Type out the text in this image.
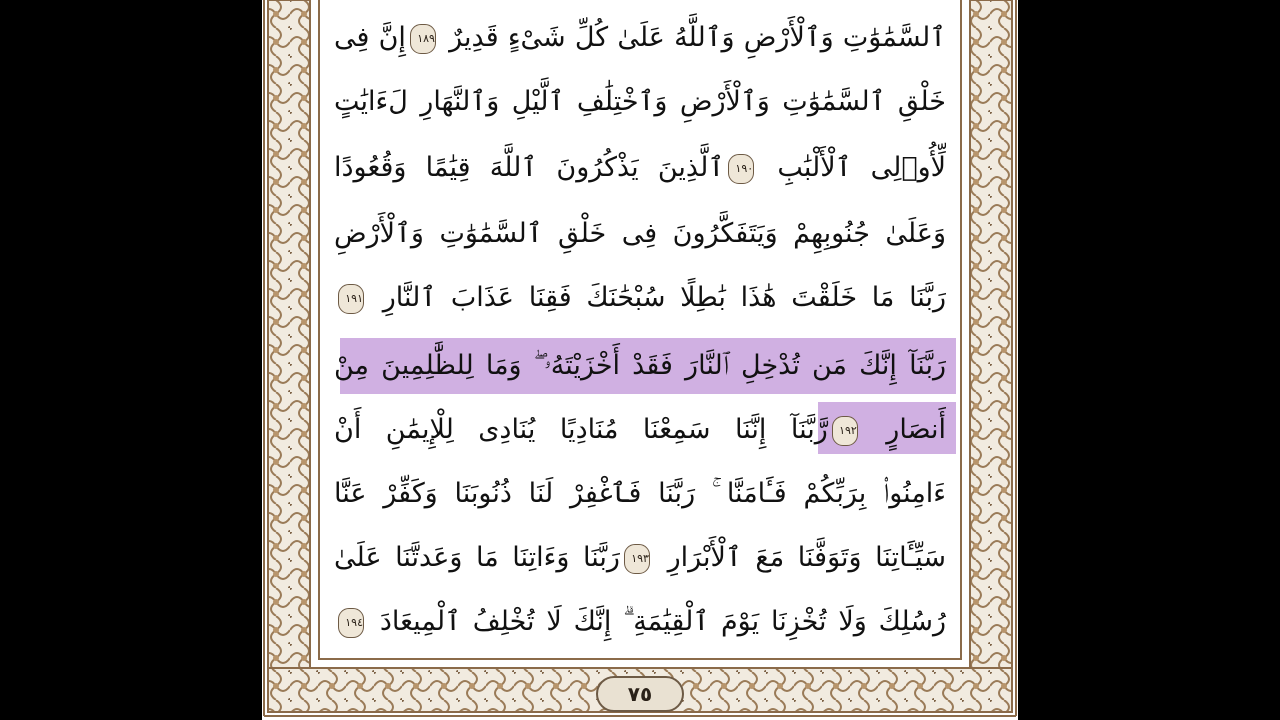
ٱلسَّمَٰوَٰتِ وَٱلْأَرْضِ وَٱللَّهُ عَلَىٰ كُلِّ شَىْءٍ قَدِيرٌ ١٨٩إِنَّ فِى
خَلْقِ ٱلسَّمَٰوَٰتِ وَٱلْأَرْضِ وَٱخْتِلَٰفِ ٱلَّيْلِ وَٱلنَّهَارِ لَءَايَٰتٍ
لِّأُو۟لِى ٱلْأَلْبَٰبِ ١٩٠ٱلَّذِينَ يَذْكُرُونَ ٱللَّهَ قِيَٰمًا وَقُعُودًا
وَعَلَىٰ جُنُوبِهِمْ وَيَتَفَكَّرُونَ فِى خَلْقِ ٱلسَّمَٰوَٰتِ وَٱلْأَرْضِ
رَبَّنَا مَا خَلَقْتَ هَٰذَا بَٰطِلًا سُبْحَٰنَكَ فَقِنَا عَذَابَ ٱلنَّارِ ١٩١
رَبَّنَآ إِنَّكَ مَن تُدْخِلِ ٱلنَّارَ فَقَدْ أَخْزَيْتَهُۥ ۖ وَمَا لِلظَّٰلِمِينَ مِنْ
أَنصَارٍ ١٩٢رَّبَّنَآ إِنَّنَا سَمِعْنَا مُنَادِيًا يُنَادِى لِلْإِيمَٰنِ أَنْ
ءَامِنُوا۟ بِرَبِّكُمْ فَـَٔامَنَّا ۚ رَبَّنَا فَٱغْفِرْ لَنَا ذُنُوبَنَا وَكَفِّرْ عَنَّا
سَيِّـَٔاتِنَا وَتَوَفَّنَا مَعَ ٱلْأَبْرَارِ ١٩٣رَبَّنَا وَءَاتِنَا مَا وَعَدتَّنَا عَلَىٰ
رُسُلِكَ وَلَا تُخْزِنَا يَوْمَ ٱلْقِيَٰمَةِ ۗ إِنَّكَ لَا تُخْلِفُ ٱلْمِيعَادَ ١٩٤
٧٥
